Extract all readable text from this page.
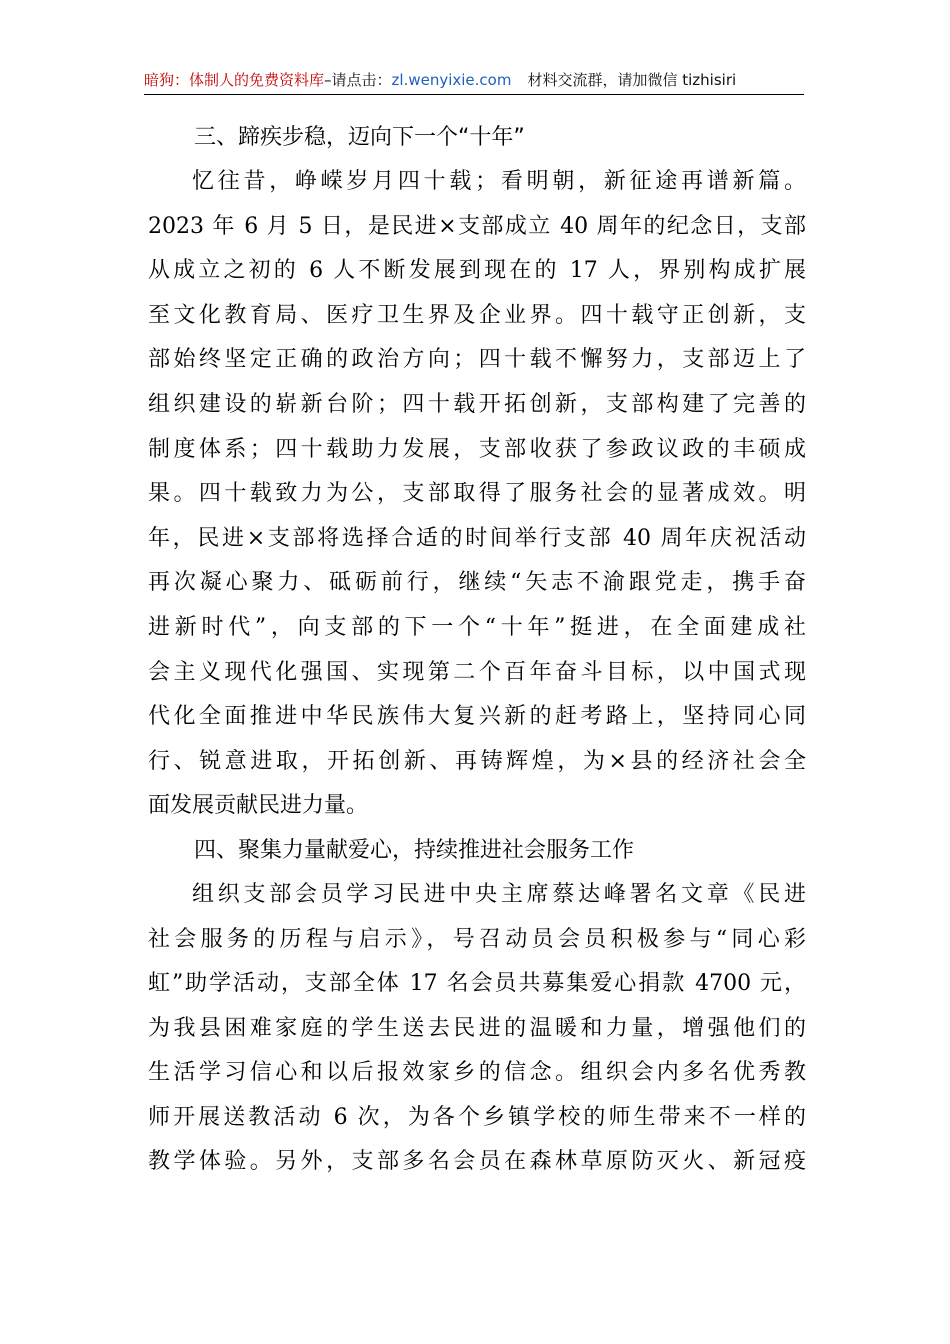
暗狗：体制人的免费资料库–请点击：zl.wenyixie.com 材料交流群，请加微信 tizhisiri
三、蹄疾步稳，迈向下一个“十年”
忆往昔，峥嵘岁月四十载；看明朝，新征途再谱新篇。
2023 年 6 月 5 日，是民进×支部成立 40 周年的纪念日，支部
从成立之初的 6 人不断发展到现在的 17 人，界别构成扩展
至文化教育局、医疗卫生界及企业界。四十载守正创新，支
部始终坚定正确的政治方向；四十载不懈努力，支部迈上了
组织建设的崭新台阶；四十载开拓创新，支部构建了完善的
制度体系；四十载助力发展，支部收获了参政议政的丰硕成
果。四十载致力为公，支部取得了服务社会的显著成效。明
年，民进×支部将选择合适的时间举行支部 40 周年庆祝活动
再次凝心聚力、砥砺前行，继续“矢志不渝跟党走，携手奋
进新时代”，向支部的下一个“十年”挺进，在全面建成社
会主义现代化强国、实现第二个百年奋斗目标，以中国式现
代化全面推进中华民族伟大复兴新的赶考路上，坚持同心同
行、锐意进取，开拓创新、再铸辉煌，为×县的经济社会全
面发展贡献民进力量。
四、聚集力量献爱心，持续推进社会服务工作
组织支部会员学习民进中央主席蔡达峰署名文章《民进
社会服务的历程与启示》，号召动员会员积极参与“同心彩
虹”助学活动，支部全体 17 名会员共募集爱心捐款 4700 元，
为我县困难家庭的学生送去民进的温暖和力量，增强他们的
生活学习信心和以后报效家乡的信念。组织会内多名优秀教
师开展送教活动 6 次，为各个乡镇学校的师生带来不一样的
教学体验。另外，支部多名会员在森林草原防灭火、新冠疫
